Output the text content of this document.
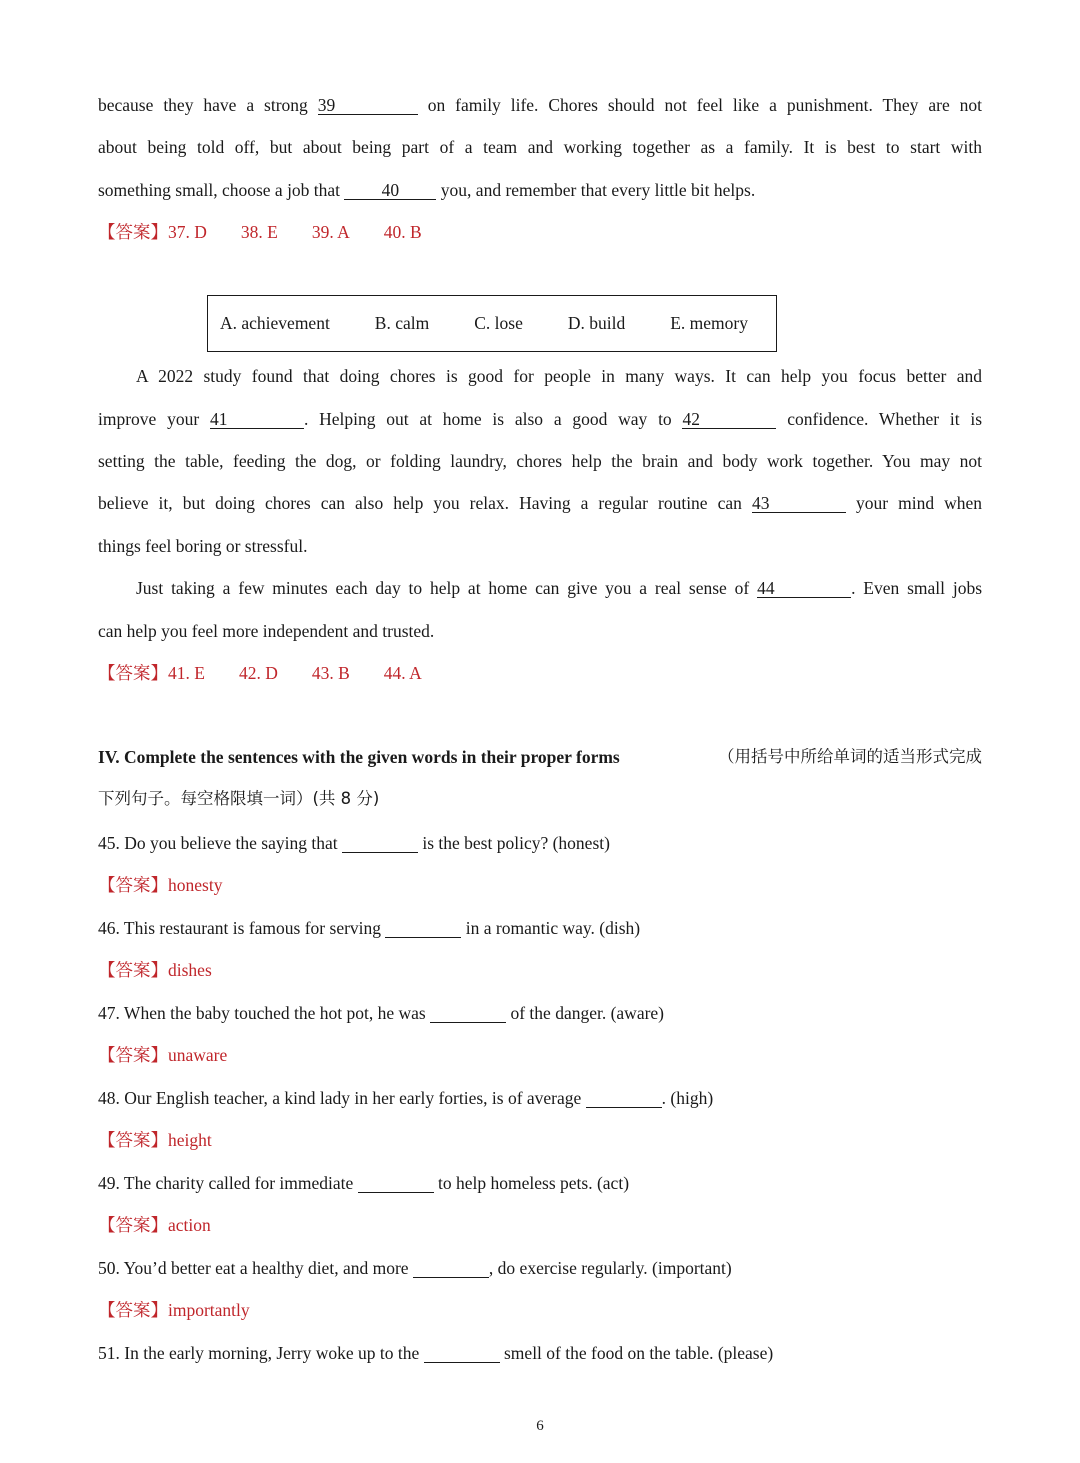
because they have a strong 39	on family life. Chores should not feel like a punishment. They are not
about being told off, but about being part of a team and working together as a family. It is best to start with
something small, choose a job that 40 you, and remember that every little bit helps.
【答案】37. D 38. E 39. A 40. B
A 2022 study found that doing chores is good for people in many ways. It can help you focus better and
improve your 41	. Helping out at home is also a good way to 42	confidence. Whether it is
setting the table, feeding the dog, or folding laundry, chores help the brain and body work together. You may not
believe it, but doing chores can also help you relax. Having a regular routine can 43	your mind when
things feel boring or stressful.
Just taking a few minutes each day to help at home can give you a real sense of 44	. Even small jobs
can help you feel more independent and trusted.
【答案】41. E 42. D 43. B 44. A
IV. Complete the sentences with the given words in their proper forms	（用括号中所给单词的适当形式完成
下列句子。每空格限填一词）(共 8 分)
45. Do you believe the saying that	is the best policy? (honest)
【答案】honesty
46. This restaurant is famous for serving	in a romantic way. (dish)
【答案】dishes
47. When the baby touched the hot pot, he was	of the danger. (aware)
【答案】unaware
48. Our English teacher, a kind lady in her early forties, is of average	. (high)
【答案】height
49. The charity called for immediate	to help homeless pets. (act)
【答案】action
50. You’d better eat a healthy diet, and more	, do exercise regularly. (important)
【答案】importantly
51. In the early morning, Jerry woke up to the	smell of the food on the table. (please)
A. achievement	B. calm	C. lose	D. build	E. memory
6
